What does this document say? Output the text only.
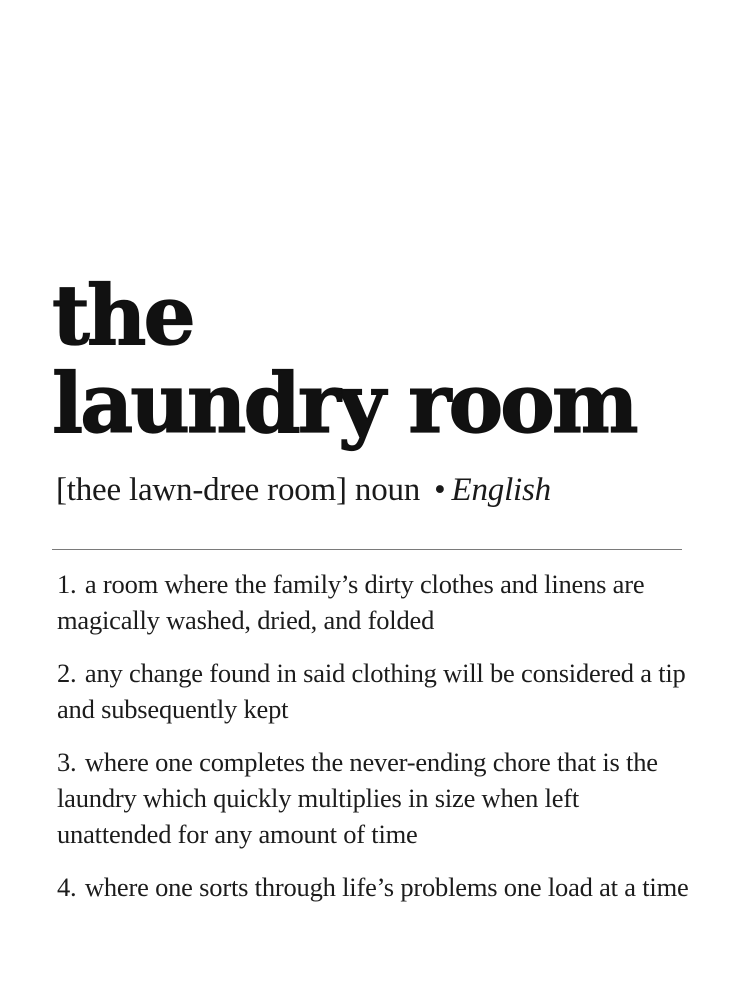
the
laundry room
[thee lawn-dree room] noun • English
1. a room where the family’s dirty clothes and linens are magically washed, dried, and folded
2. any change found in said clothing will be considered a tip and subsequently kept
3. where one completes the never-ending chore that is the laundry which quickly multiplies in size when left unattended for any amount of time
4. where one sorts through life’s problems one load at a time
